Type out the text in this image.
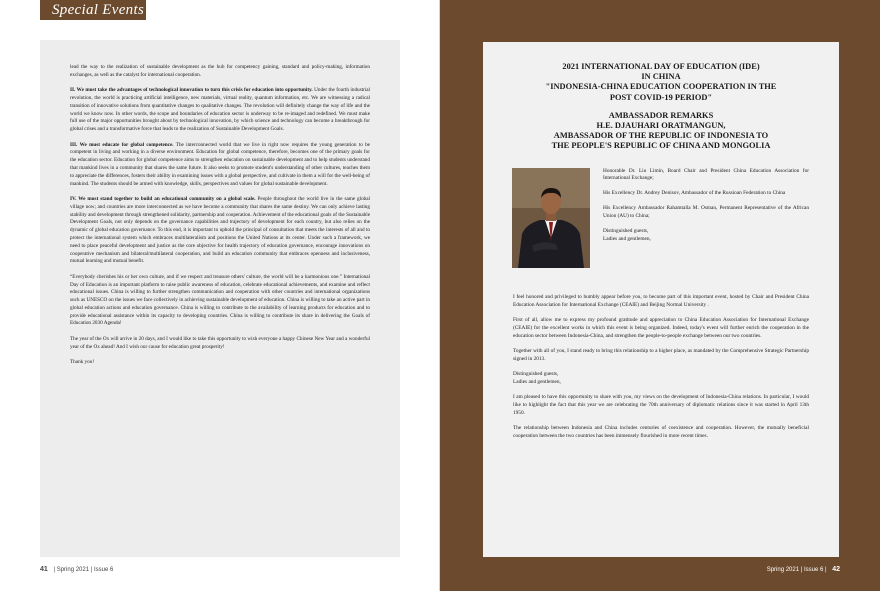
Special Events

lead the way to the realization of sustainable development as the hub for competency gaining, standard and policy-making, information exchanges, as well as the catalyst for international cooperation.

II. We must take the advantages of technological innovation to turn this crisis for education into opportunity. Under the fourth industrial revolution, the world is practicing artificial intelligence, new materials, virtual reality, quantum information, etc. We are witnessing a radical transition of innovative solutions from quantitative changes to qualitative changes. The revolution will definitely change the way of life and the world we know now. In other words, the scope and boundaries of education sector is underway to be re-imaged and redefined. We must make full use of the major opportunities brought about by technological innovation, by which science and technology can become a breakthrough for global crises and a transformative force that leads to the realization of Sustainable Development Goals.

III. We must educate for global competence. The interconnected world that we live in right now requires the young generation to be competent in living and working in a diverse environment. Education for global competence, therefore, becomes one of the primary goals for the education sector. Education for global competence aims to strengthen education on sustainable development and to help students understand that mankind lives in a community that shares the same future. It also seeks to promote student's understanding of other cultures, teaches them to appreciate the differences, fosters their ability in examining issues with a global perspective, and cultivate in them a will for the well-being of mankind. The students should be armed with knowledge, skills, perspectives and values for global sustainable development.

IV. We must stand together to build an educational community on a global scale. People throughout the world live in the same global village now; and countries are more interconnected as we have become a community that shares the same destiny. We can only achieve lasting stability and development through strengthened solidarity, partnership and cooperation. Achievement of the educational goals of the Sustainable Development Goals, not only depends on the governance capabilities and trajectory of development for each country, but also relies on the dynamic of global education governance. To this end, it is important to uphold the principal of consultation that meets the interests of all and to protect the international system which embraces multilateralism and positions the United Nations at its center. Under such a framework, we need to place peaceful development and justice as the core objective for health trajectory of education governance, encourage innovations on cooperative mechanism and bilateral/multilateral cooperation, and build an education community that embraces openness and inclusiveness, mutual learning and mutual benefit.

“Everybody cherishes his or her own culture, and if we respect and treasure others' culture, the world will be a harmonious one.” International Day of Education is an important platform to raise public awareness of education, celebrate educational achievements, and examine and reflect educational issues. China is willing to further strengthen communication and cooperation with other countries and international organizations such as UNESCO on the issues we face collectively in achieving sustainable development of education. China is willing to take an active part in global education actions and education governance. China is willing to contribute to the availability of learning products for education and to provide educational assistance within its capacity to developing countries. China is willing to contribute its share in delivering the Goals of Education 2030 Agenda!

The year of the Ox will arrive in 20 days, and I would like to take this opportunity to wish everyone a happy Chinese New Year and a wonderful year of the Ox ahead! And I wish our cause for education great prosperity!

Thank you!

41 | Spring 2021 | Issue 6	Spring 2021 | Issue 6 | 42
2021 INTERNATIONAL DAY OF EDUCATION (IDE)
IN CHINA
"INDONESIA-CHINA EDUCATION COOPERATION IN THE
POST COVID-19 PERIOD"
AMBASSADOR REMARKS
H.E. DJAUHARI ORATMANGUN,
AMBASSADOR OF THE REPUBLIC OF INDONESIA TO
THE PEOPLE'S REPUBLIC OF CHINA AND MONGOLIA

Honorable Dr. Liu Limin, Board Chair and President China Education Association for International Exchange;

His Excellency Dr. Andrey Denisov, Ambassador of the Russioan Federation to China

His Excellency Ambassador Rahamtalla M. Osman, Permanent Representative of the African Union (AU) to China;

Distinguished guests,
Ladies and gentlemen,

I feel honored and privileged to humbly appear before you, to become part of this important event, hosted by Chair and President China Education Association for International Exchange (CEAIE) and Beijing Normal University .

First of all, allow me to express my profound gratitude and appreciation to China Education Association for International Exchange (CEAIE) for the excellent works in which this event is being organized. Indeed, today's event will further enrich the cooperation in the education sector between Indonesia-China, and strengthen the people-to-people exchange between our two countries.

Together with all of you, I stand ready to bring this relationship to a higher place, as mandated by the Comprehensive Strategic Partnership signed in 2013.

Distinguished guests,
Ladies and gentlemen,

I am pleased to have this opportunity to share with you, my views on the development of Indonesia-China relations. In particular, I would like to highlight the fact that this year we are celebrating the 70th anniversary of diplomatic relations since it was started in April 13th 1950.

The relationship between Indonesia and China includes centuries of coexistence and cooperation. However, the mutually beneficial cooperation between the two countries has been immensely flourished in more recent times.
